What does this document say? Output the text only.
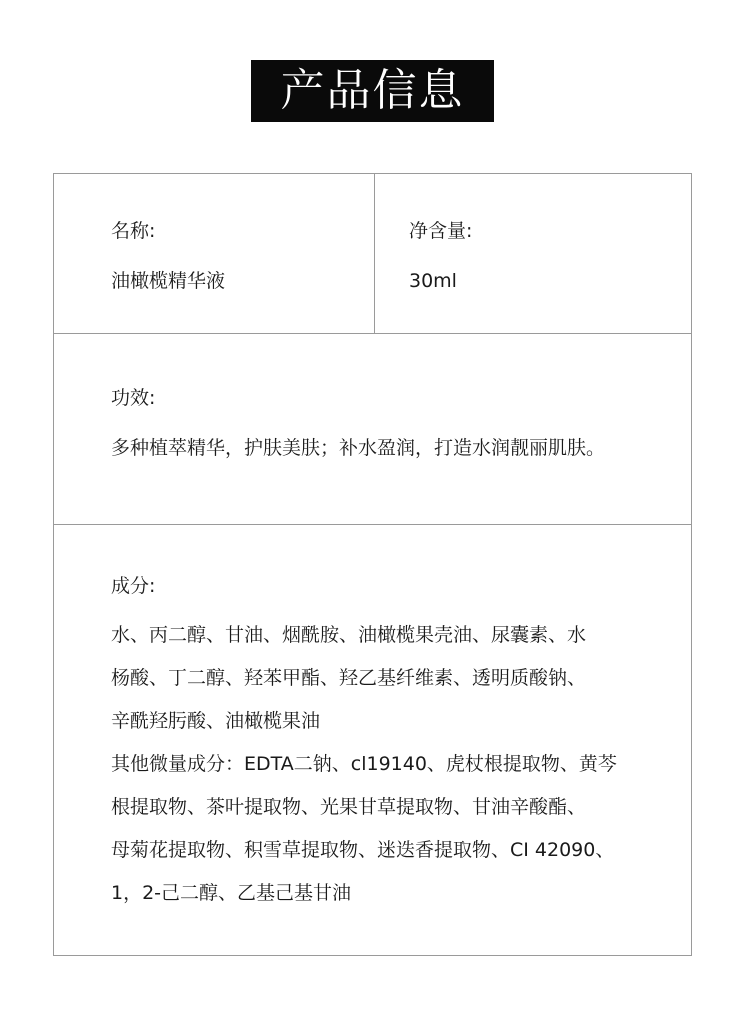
产品信息
名称:
油橄榄精华液
净含量:
30ml
功效:
多种植萃精华，护肤美肤；补水盈润，打造水润靓丽肌肤。
成分:
水、丙二醇、甘油、烟酰胺、油橄榄果壳油、尿囊素、水
杨酸、丁二醇、羟苯甲酯、羟乙基纤维素、透明质酸钠、
辛酰羟肟酸、油橄榄果油
其他微量成分：EDTA二钠、cl19140、虎杖根提取物、黄芩
根提取物、茶叶提取物、光果甘草提取物、甘油辛酸酯、
母菊花提取物、积雪草提取物、迷迭香提取物、CI 42090、
1，2-己二醇、乙基己基甘油
